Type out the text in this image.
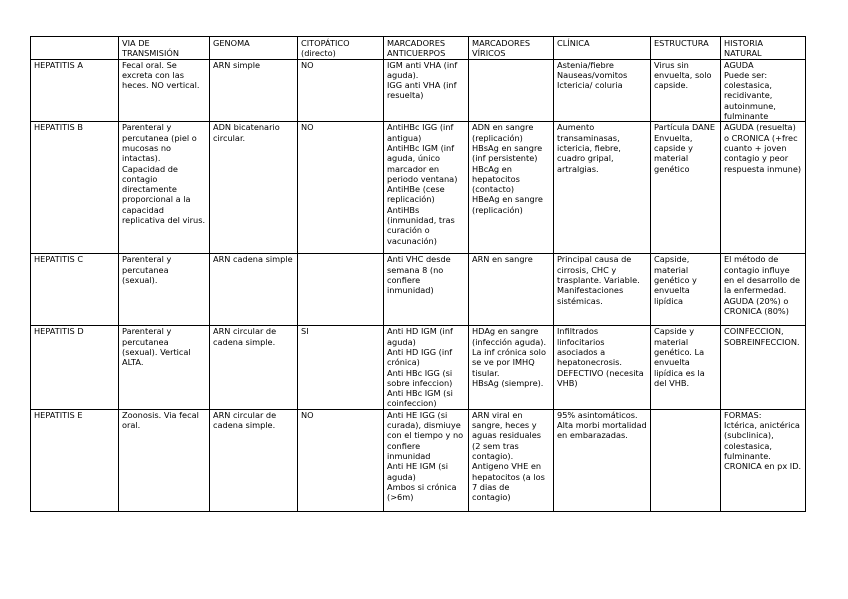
	VIA DE TRANSMISIÓN	GENOMA	CITOPÁTICO (directo)	MARCADORES ANTICUERPOS	MARCADORES VÍRICOS	CLÍNICA	ESTRUCTURA	HISTORIA NATURAL
HEPATITIS A	Fecal oral. Se excreta con las heces. NO vertical.	ARN simple	NO	IGM anti VHA (inf aguda).
IGG anti VHA (inf resuelta)		Astenia/fiebre
Nauseas/vomitos
Ictericia/ coluria	Virus sin envuelta, solo capside.	AGUDA
Puede ser: colestasica, recidivante, autoinmune, fulminante

HEPATITIS B	Parenteral y percutanea (piel o mucosas no intactas). Capacidad de contagio directamente proporcional a la capacidad replicativa del virus.	ADN bicatenario circular.	NO	AntiHBc IGG (inf antigua)
AntiHBc IGM (inf aguda, único marcador en periodo ventana)
AntiHBe (cese replicación)
AntiHBs (inmunidad, tras curación o vacunación)	ADN en sangre (replicación)
HBsAg en sangre (inf persistente)
HBcAg en hepatocitos (contacto)
HBeAg en sangre (replicación)	Aumento transaminasas, ictericia, fiebre, cuadro gripal, artralgias.	Partícula DANE Envuelta, capside y material genético	AGUDA (resuelta) o CRONICA (+frec cuanto + joven contagio y peor respuesta inmune)

HEPATITIS C	Parenteral y percutanea (sexual).	ARN cadena simple		Anti VHC desde semana 8 (no confiere inmunidad)	ARN en sangre	Principal causa de cirrosis, CHC y trasplante. Variable. Manifestaciones sistémicas.	Capside, material genético y envuelta lipídica	El método de contagio influye en el desarrollo de la enfermedad. AGUDA (20%) o CRONICA (80%)

HEPATITIS D	Parenteral y percutanea (sexual). Vertical ALTA.	ARN circular de cadena simple.	SI	Anti HD IGM (inf aguda)
Anti HD IGG (inf crónica)
Anti HBc IGG (si sobre infeccion)
Anti HBc IGM (si coinfeccion)	HDAg en sangre (infección aguda). La inf crónica solo se ve por IMHQ tisular.
HBsAg (siempre).	Infiltrados linfocitarios asociados a hepatonecrosis. DEFECTIVO (necesita VHB)	Capside y material genético. La envuelta lipídica es la del VHB.	COINFECCION, SOBREINFECCION.

HEPATITIS E	Zoonosis. Via fecal oral.	ARN circular de cadena simple.	NO	Anti HE IGG (si curada), dismiuye con el tiempo y no confiere inmunidad
Anti HE IGM (si aguda)
Ambos si crónica (>6m)	ARN viral en sangre, heces y aguas residuales (2 sem tras contagio).
Antigeno VHE en hepatocitos (a los 7 dias de contagio)	95% asintomáticos.
Alta morbi mortalidad en embarazadas.		FORMAS:
Ictérica, anictérica (subclinica), colestasica, fulminante. CRONICA en px ID.
